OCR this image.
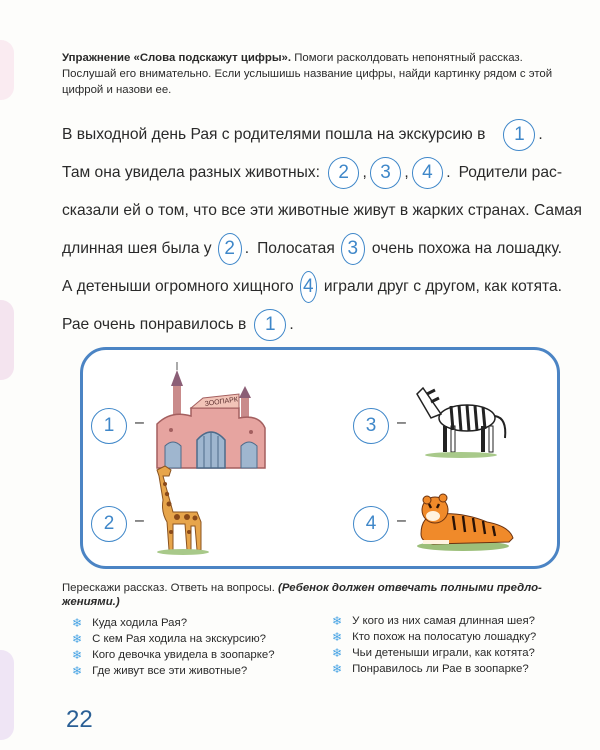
Упражнение «Слова подскажут цифры». Помоги расколдовать непонятный рассказ. Послушай его внимательно. Если услышишь название цифры, найди картинку рядом с этой цифрой и назови ее.
В выходной день Рая с родителями пошла на экскурсию в	1 .
Там она увидела разных животных: 2 , 3 , 4 . Родители рас-
сказали ей о том, что все эти животные живут в жарких странах. Самая
длинная шея была у 2 . Полосатая 3 очень похожа на лошадку.
А детеныши огромного хищного 4 играли друг с другом, как котята.
Рае очень понравилось в 1 .
1	–
ЗООПАРК
3	–
2	–	4	–
Перескажи рассказ. Ответь на вопросы. (Ребенок должен отвечать полными предло- жениями.)
❄ Куда ходила Рая?
❄ С кем Рая ходила на экскурсию?
❄ Кого девочка увидела в зоопарке?
❄ Где живут все эти животные?
❄ У кого из них самая длинная шея?
❄ Кто похож на полосатую лошадку?
❄ Чьи детеныши играли, как котята?
❄ Понравилось ли Рае в зоопарке?
22
